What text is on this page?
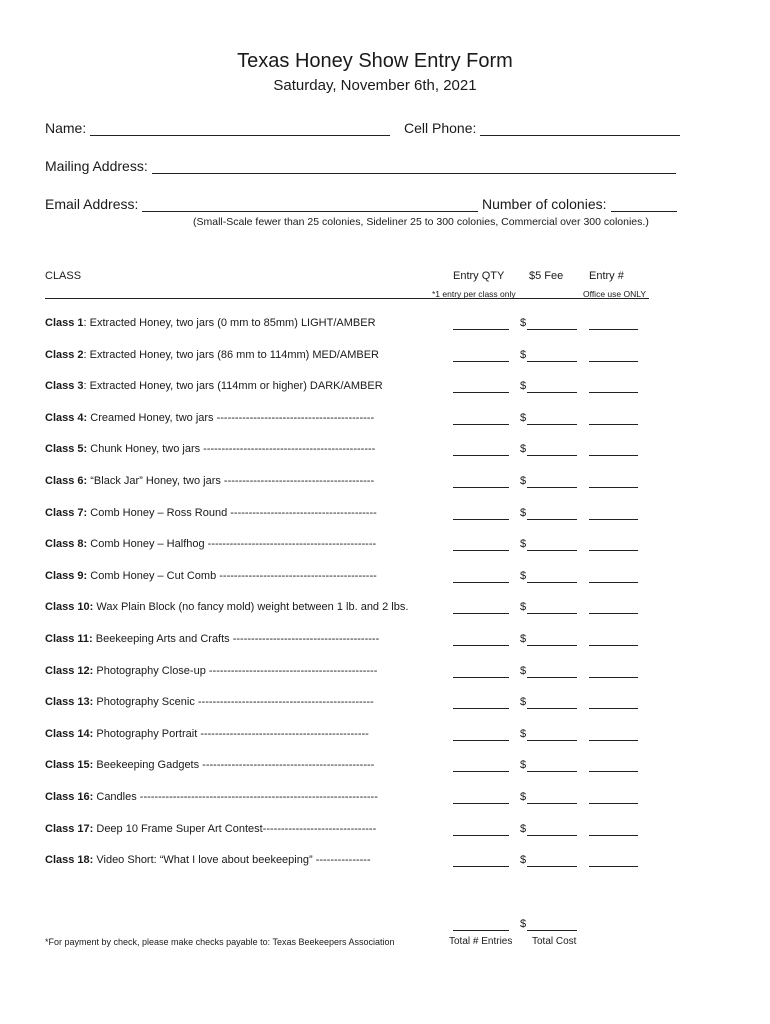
Texas Honey Show Entry Form
Saturday, November 6th, 2021
Name:	Cell Phone:
Mailing Address:
Email Address:	Number of colonies:
(Small-Scale fewer than 25 colonies, Sideliner 25 to 300 colonies, Commercial over 300 colonies.)
CLASS	Entry QTY $5 Fee Entry #
*1 entry per class only	Office use ONLY
Class 1: Extracted Honey, two jars (0 mm to 85mm) LIGHT/AMBER	$
Class 2: Extracted Honey, two jars (86 mm to 114mm) MED/AMBER	$
Class 3: Extracted Honey, two jars (114mm or higher) DARK/AMBER	$
Class 4: Creamed Honey, two jars -------------------------------------------	$
Class 5: Chunk Honey, two jars -----------------------------------------------	$
Class 6: “Black Jar” Honey, two jars -----------------------------------------	$
Class 7: Comb Honey – Ross Round ----------------------------------------	$
Class 8: Comb Honey – Halfhog ----------------------------------------------	$
Class 9: Comb Honey – Cut Comb -------------------------------------------	$
Class 10: Wax Plain Block (no fancy mold) weight between 1 lb. and 2 lbs.	$
Class 11: Beekeeping Arts and Crafts ----------------------------------------	$
Class 12: Photography Close-up ----------------------------------------------	$
Class 13: Photography Scenic ------------------------------------------------	$
Class 14: Photography Portrait ----------------------------------------------	$
Class 15: Beekeeping Gadgets -----------------------------------------------	$
Class 16: Candles -----------------------------------------------------------------	$
Class 17: Deep 10 Frame Super Art Contest-------------------------------	$
Class 18: Video Short: “What I love about beekeeping” ---------------	$
$
Total # Entries Total Cost
*For payment by check, please make checks payable to: Texas Beekeepers Association
